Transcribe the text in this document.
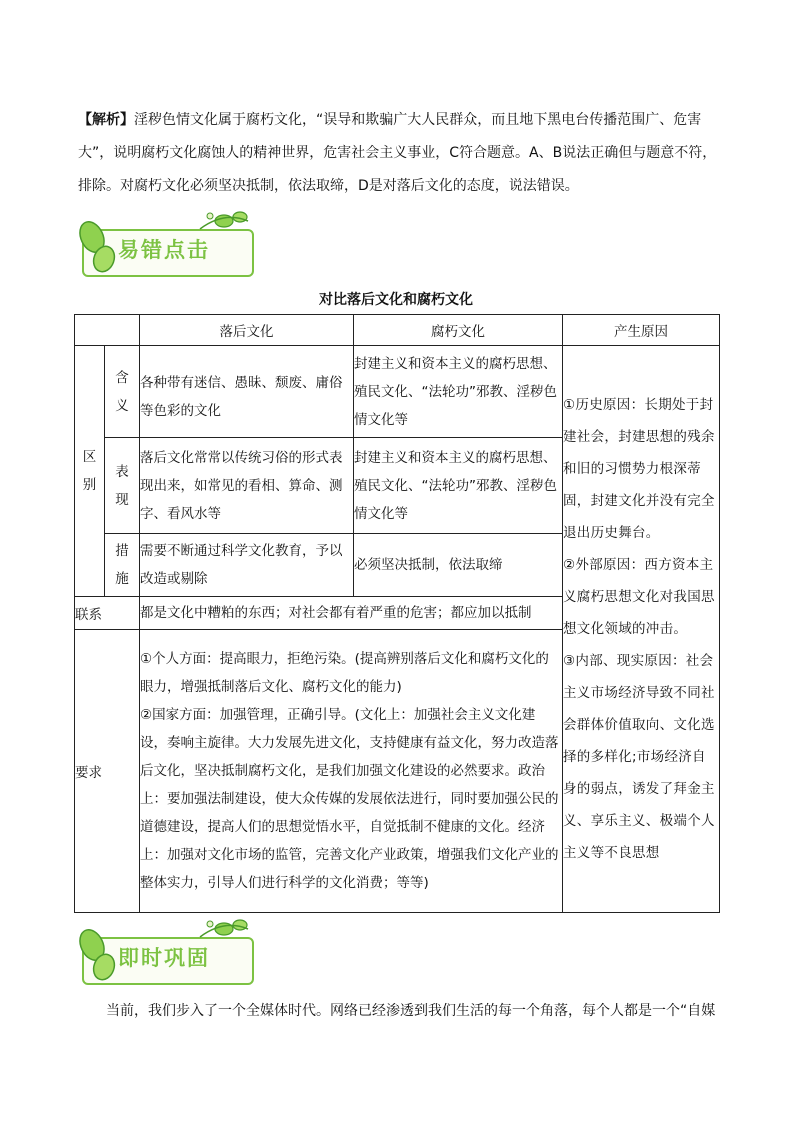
【解析】淫秽色情文化属于腐朽文化，“误导和欺骗广大人民群众，而且地下黑电台传播范围广、危害大”，说明腐朽文化腐蚀人的精神世界，危害社会主义事业，C符合题意。A、B说法正确但与题意不符，排除。对腐朽文化必须坚决抵制，依法取缔，D是对落后文化的态度，说法错误。
易错点击
对比落后文化和腐朽文化
		落后文化	腐朽文化	产生原因
区别	含义	各种带有迷信、愚昧、颓废、庸俗等色彩的文化	封建主义和资本主义的腐朽思想、殖民文化、“法轮功”邪教、淫秽色情文化等	①历史原因：长期处于封建社会，封建思想的残余和旧的习惯势力根深蒂固，封建文化并没有完全退出历史舞台。
②外部原因：西方资本主义腐朽思想文化对我国思想文化领域的冲击。
③内部、现实原因：社会主义市场经济导致不同社会群体价值取向、文化选择的多样化;市场经济自身的弱点，诱发了拜金主义、享乐主义、极端个人主义等不良思想

	表现	落后文化常常以传统习俗的形式表现出来，如常见的看相、算命、测字、看风水等	封建主义和资本主义的腐朽思想、殖民文化、“法轮功”邪教、淫秽色情文化等	
	措施	需要不断通过科学文化教育，予以改造或剔除	必须坚决抵制，依法取缔	
联系		都是文化中糟粕的东西；对社会都有着严重的危害；都应加以抵制		
要求		①个人方面：提高眼力，拒绝污染。(提高辨别落后文化和腐朽文化的眼力，增强抵制落后文化、腐朽文化的能力)
②国家方面：加强管理，正确引导。(文化上：加强社会主义文化建设，奏响主旋律。大力发展先进文化，支持健康有益文化，努力改造落后文化，坚决抵制腐朽文化，是我们加强文化建设的必然要求。政治上：要加强法制建设，使大众传媒的发展依法进行，同时要加强公民的道德建设，提高人们的思想觉悟水平，自觉抵制不健康的文化。经济上：加强对文化市场的监管，完善文化产业政策，增强我们文化产业的整体实力，引导人们进行科学的文化消费；等等)		
即时巩固
当前，我们步入了一个全媒体时代。网络已经渗透到我们生活的每一个角落，每个人都是一个“自媒
